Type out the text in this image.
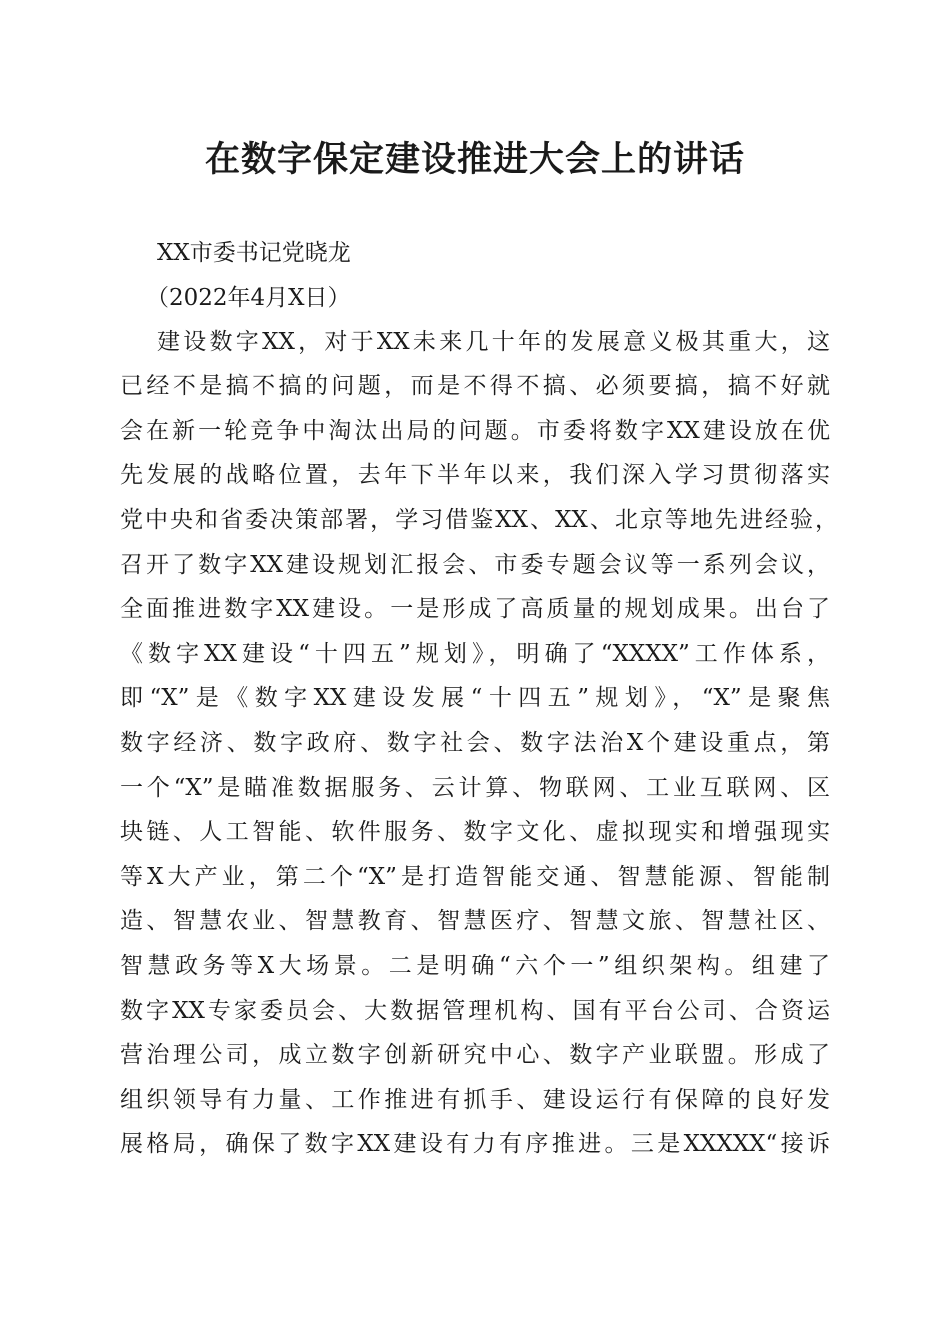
在数字保定建设推进大会上的讲话
XX市委书记党晓龙
（2022年4月X日）
建设数字XX，对于XX未来几十年的发展意义极其重大，这
已经不是搞不搞的问题，而是不得不搞、必须要搞，搞不好就
会在新一轮竞争中淘汰出局的问题。市委将数字XX建设放在优
先发展的战略位置，去年下半年以来，我们深入学习贯彻落实
党中央和省委决策部署，学习借鉴XX、XX、北京等地先进经验，
召开了数字XX建设规划汇报会、市委专题会议等一系列会议，
全面推进数字XX建设。一是形成了高质量的规划成果。出台了
《数字XX建设“十四五”规划》，明确了“XXXX”工作体系，
即“X”是《数字XX建设发展“十四五”规划》，“X”是聚焦
数字经济、数字政府、数字社会、数字法治X个建设重点，第
一个“X”是瞄准数据服务、云计算、物联网、工业互联网、区
块链、人工智能、软件服务、数字文化、虚拟现实和增强现实
等X大产业，第二个“X”是打造智能交通、智慧能源、智能制
造、智慧农业、智慧教育、智慧医疗、智慧文旅、智慧社区、
智慧政务等X大场景。二是明确“六个一”组织架构。组建了
数字XX专家委员会、大数据管理机构、国有平台公司、合资运
营治理公司，成立数字创新研究中心、数字产业联盟。形成了
组织领导有力量、工作推进有抓手、建设运行有保障的良好发
展格局，确保了数字XX建设有力有序推进。三是XXXXX“接诉
